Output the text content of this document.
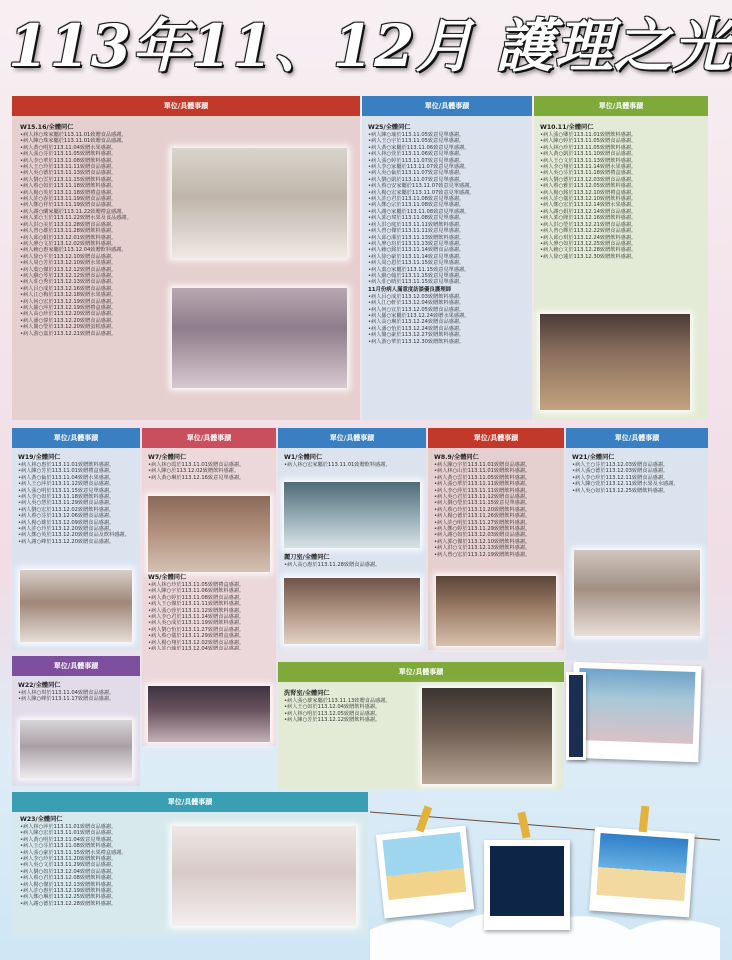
113年11、12月 護理之光
單位/具體事蹟
W15.16/全體同仁
•病人林○珠家屬於113.11.01致贈食品感謝。
•病人陳○珠家屬於113.11.01致贈食品感謝。
•病人黃○明於113.11.04致贈水果感謝。
•病人張○芬於113.11.05致贈飲料感謝。
•病人李○華於113.11.08致贈飲料感謝。
•病人王○玲於113.11.11致贈食品感謝。
•病人吳○德於113.11.13致贈食品感謝。
•病人劉○雲於113.11.15致贈飲料感謝。
•病人蔡○如於113.11.18致贈飲料感謝。
•病人楊○英於113.11.18致贈禮盒感謝。
•病人許○春於113.11.19致贈食品感謝。
•病人鄭○祥於113.11.19致贈食品感謝。
•病人謝○蘭家屬於113.11.22致贈禮盒感謝。
•病人郭○玉於113.11.22致贈水果及食品感謝。
•病人洪○美於113.11.28致贈食品感謝。
•病人曾○雄於113.11.28致贈飲料感謝。
•病人邱○娟於113.12.01致贈飲料感謝。
•病人廖○文於113.12.02致贈飲料感謝。
•病人賴○惠家屬於113.12.04致贈飲料感謝。
•病人徐○平於113.12.10致贈食品感謝。
•病人周○芳於113.12.10致贈水果感謝。
•病人葉○傑於113.12.12致贈食品感謝。
•病人蘇○琴於113.12.12致贈食品感謝。
•病人莊○秀於113.12.13致贈食品感謝。
•病人呂○成於113.12.16致贈食品感謝。
•病人江○梅於113.12.18致贈水果感謝。
•病人何○宏於113.12.19致贈食品感謝。
•病人羅○萍於113.12.19致贈禮盒感謝。
•病人高○珍於113.12.20致贈食品感謝。
•病人潘○偉於113.12.20致贈食品感謝。
•病人簡○瑩於113.12.20致贈蛋糕感謝。
•病人游○嘉於113.12.21致贈食品感謝。
單位/具體事蹟
W25/全體同仁
•病人陳○瑜於113.11.05致意見單感謝。
•病人王○宇於113.11.05致意見單感謝。
•病人黃○家屬於113.11.06致意見單感謝。
•病人林○萱於113.11.06致意見單感謝。
•病人張○婷於113.11.07致意見單感謝。
•病人李○家屬於113.11.07致意見單感謝。
•病人吳○倫於113.11.07致意見單感謝。
•病人劉○凱於113.11.07致意見單感謝。
•病人蔡○安家屬於113.11.07致意見單感謝。
•病人楊○宏家屬於113.11.07致意見單感謝。
•病人許○君於113.11.08致意見單感謝。
•病人鄭○宗於113.11.08致意見單感謝。
•病人謝○家屬於113.11.08致意見單感謝。
•病人郭○瑋於113.11.08致意見單感謝。
•病人洪○庭於113.11.11致贈飲料感謝。
•病人曾○傑於113.11.11致意見單感謝。
•病人邱○潔於113.11.13致贈飲料感謝。
•病人廖○瑄於113.11.13致意見單感謝。
•病人賴○銘於113.11.14致贈食品感謝。
•病人徐○豪於113.11.14致意見單感謝。
•病人周○恩於113.11.15致意見單感謝。
•病人葉○家屬於113.11.15致意見單感謝。
•病人蘇○翰於113.11.15致意見單感謝。
•病人莊○晴於113.11.15致意見單感謝。
11月份病人滿意度訪談優良護理師
•病人呂○成於113.12.03致贈飲料感謝。
•病人江○軒於113.12.04致贈飲料感謝。
•病人何○宜於113.12.05致贈食品感謝。
•病人羅○家屬於113.12.24致贈水果感謝。
•病人高○琳於113.12.24致贈食品感謝。
•病人潘○怡於113.12.24致贈食品感謝。
•病人簡○豪於113.12.27致贈飲料感謝。
•病人游○華於113.12.30致贈飲料感謝。
單位/具體事蹟
W10.11/全體同仁
•病人張○卿於113.11.01致贈飲料感謝。
•病人陳○婷於113.11.05致贈食品感謝。
•病人林○珍於113.11.05致贈飲料感謝。
•病人黃○凱於113.11.10致贈食品感謝。
•病人王○文於113.11.13致贈飲料感謝。
•病人李○翔於113.11.14致贈水果感謝。
•病人吳○芬於113.11.18致贈禮盒感謝。
•病人劉○德於113.12.03致贈食品感謝。
•病人蔡○雅於113.12.05致贈飲料感謝。
•病人楊○銘於113.12.10致贈禮盒感謝。
•病人許○儀於113.12.10致贈飲料感謝。
•病人鄭○宏於113.12.14致贈水果感謝。
•病人謝○娟於113.12.14致贈食品感謝。
•病人郭○隆於113.12.16致贈飲料感謝。
•病人洪○瑩於113.12.21致贈食品感謝。
•病人曾○輝於113.12.22致贈食品感謝。
•病人邱○琪於113.12.24致贈飲料感謝。
•病人廖○如於113.12.25致贈食品感謝。
•病人賴○文於113.12.28致贈飲料感謝。
•病人徐○蓮於113.12.30致贈飲料感謝。
單位/具體事蹟
W19/全體同仁
•病人林○惠於113.11.01致贈飲料感謝。
•病人陳○芳於113.11.01致贈禮盒感謝。
•病人黃○倫於113.11.04致贈水果感謝。
•病人王○萍於113.11.12致贈食品感謝。
•病人張○明於113.11.15致意見單感謝。
•病人李○如於113.11.18致贈飲料感謝。
•病人吳○慧於113.11.29致贈食品感謝。
•病人劉○宏於113.12.02致贈飲料感謝。
•病人蔡○芬於113.12.06致贈食品感謝。
•病人楊○雄於113.12.09致贈食品感謝。
•病人許○玲於113.12.20致贈食品感謝。
•病人鄭○英於113.12.20致贈食品及飲料感謝。
•病人謝○峰於113.12.20致贈食品感謝。
單位/具體事蹟
W7/全體同仁
•病人林○霞於113.11.01致贈食品感謝。
•病人陳○於113.12.02致贈飲料感謝。
•病人黃○琳於113.12.16致意見單感謝。
W5/全體同仁
•病人林○玲於113.11.05致贈禮盒感謝。
•病人陳○宇於113.11.06致贈飲料感謝。
•病人黃○婷於113.11.08致贈食品感謝。
•病人王○傑於113.11.11致贈飲料感謝。
•病人張○蓉於113.11.12致贈飲料感謝。
•病人李○君於113.11.14致贈食品感謝。
•病人吳○成於113.11.19致贈飲料感謝。
•病人劉○怡於113.11.27致贈食品感謝。
•病人蔡○儀於113.11.29致贈禮盒感謝。
•病人楊○翔於113.12.02致贈食品感謝。
單位/具體事蹟
W1/全體同仁
•病人林○宏家屬於113.11.01致贈飲料感謝。
麗刀室/全體同仁
•病人高○惠於113.11.28致贈食品感謝。
單位/具體事蹟
W8.9/全體同仁
•病人陳○宇於113.11.01致贈食品感謝。
•病人林○山於113.11.01致贈飲料感謝。
•病人黃○雲於113.11.05致贈飲料感謝。
•病人張○華於113.11.11致贈飲料感謝。
•病人李○萍於113.11.11致贈飲料感謝。
•病人吳○君於113.11.12致贈食品感謝。
•病人劉○瑩於113.11.15致意見單感謝。
•病人蔡○玲於113.11.20致贈飲料感謝。
•病人楊○德於113.11.26致贈飲料感謝。
•病人許○明於113.11.27致贈飲料感謝。
•病人鄭○婷於113.11.29致贈飲料感謝。
•病人謝○如於113.12.03致贈食品感謝。
•病人郭○傑於113.12.10致贈飲料感謝。
•病人洪○文於113.12.13致贈飲料感謝。
•病人曾○宏於113.12.19致贈飲料感謝。
單位/具體事蹟
W21/全體同仁
•病人王○芬於113.12.03致贈食品感謝。
•病人張○德於113.12.03致贈食品感謝。
•病人李○珍於113.12.11致贈食品感謝。
•病人陳○萱於113.12.11致贈水果及水感謝。
•病人吳○如於113.12.25致贈飲料感謝。
單位/具體事蹟
W22/全體同仁
•病人林○琪於113.11.04致贈食品感謝。
•病人陳○峰於113.11.17致贈食品感謝。
單位/具體事蹟
洗腎室/全體同仁
•病人張○雄家屬於113.11.13致贈食品感謝。
•病人王○如於113.12.04致贈飲料感謝。
•病人林○明於113.12.05致贈食品感謝。
•病人陳○芳於113.12.12致贈飲料感謝。
單位/具體事蹟
W23/全體同仁
•病人林○萍於113.11.01致贈食品感謝。
•病人陳○宏於113.11.01致贈食品感謝。
•病人黃○明於113.11.04致意見單感謝。
•病人王○芬於113.11.08致贈飲料感謝。
•病人張○豪於113.11.15致贈水果禮盒感謝。
•病人李○玲於113.11.20致贈飲料感謝。
•病人吳○文於113.11.29致贈食品感謝。
•病人劉○如於113.12.04致贈食品感謝。
•病人蔡○君於113.12.08致贈飲料感謝。
•病人楊○傑於113.12.13致贈飲料感謝。
•病人許○惠於113.12.19致贈飲料感謝。
•病人鄭○琳於113.12.25致贈飲料感謝。
•病人謝○德於113.12.28致贈飲料感謝。
